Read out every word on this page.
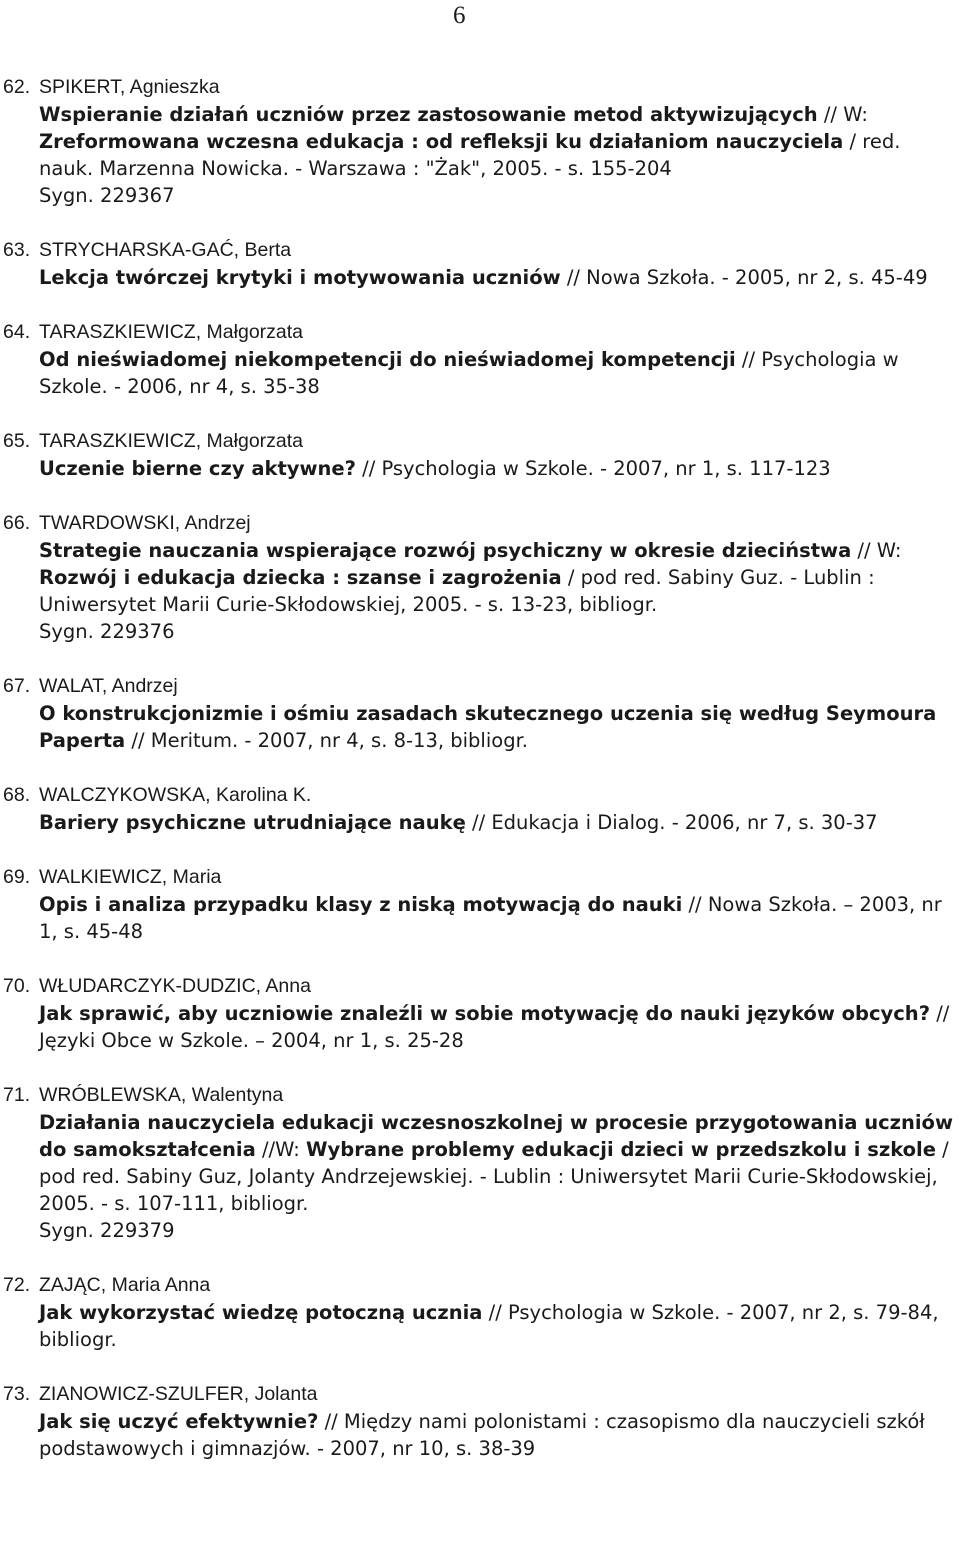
6
62. SPIKERT, Agnieszka
Wspieranie działań uczniów przez zastosowanie metod aktywizujących // W: Zreformowana wczesna edukacja : od refleksji ku działaniom nauczyciela / red. nauk. Marzenna Nowicka. - Warszawa : "Żak", 2005. - s. 155-204
Sygn. 229367
63. STRYCHARSKA-GAĆ, Berta
Lekcja twórczej krytyki i motywowania uczniów // Nowa Szkoła. - 2005, nr 2, s. 45-49
64. TARASZKIEWICZ, Małgorzata
Od nieświadomej niekompetencji do nieświadomej kompetencji // Psychologia w Szkole. - 2006, nr 4, s. 35-38
65. TARASZKIEWICZ, Małgorzata
Uczenie bierne czy aktywne? // Psychologia w Szkole. - 2007, nr 1, s. 117-123
66. TWARDOWSKI, Andrzej
Strategie nauczania wspierające rozwój psychiczny w okresie dzieciństwa // W: Rozwój i edukacja dziecka : szanse i zagrożenia / pod red. Sabiny Guz. - Lublin : Uniwersytet Marii Curie-Skłodowskiej, 2005. - s. 13-23, bibliogr.
Sygn. 229376
67. WALAT, Andrzej
O konstrukcjonizmie i ośmiu zasadach skutecznego uczenia się według Seymoura Paperta // Meritum. - 2007, nr 4, s. 8-13, bibliogr.
68. WALCZYKOWSKA, Karolina K.
Bariery psychiczne utrudniające naukę // Edukacja i Dialog. - 2006, nr 7, s. 30-37
69. WALKIEWICZ, Maria
Opis i analiza przypadku klasy z niską motywacją do nauki // Nowa Szkoła. – 2003, nr 1, s. 45-48
70. WŁUDARCZYK-DUDZIC, Anna
Jak sprawić, aby uczniowie znaleźli w sobie motywację do nauki języków obcych? // Języki Obce w Szkole. – 2004, nr 1, s. 25-28
71. WRÓBLEWSKA, Walentyna
Działania nauczyciela edukacji wczesnoszkolnej w procesie przygotowania uczniów do samokształcenia //W: Wybrane problemy edukacji dzieci w przedszkolu i szkole / pod red. Sabiny Guz, Jolanty Andrzejewskiej. - Lublin : Uniwersytet Marii Curie-Skłodowskiej, 2005. - s. 107-111, bibliogr.
Sygn. 229379
72. ZAJĄC, Maria Anna
Jak wykorzystać wiedzę potoczną ucznia // Psychologia w Szkole. - 2007, nr 2, s. 79-84, bibliogr.
73. ZIANOWICZ-SZULFER, Jolanta
Jak się uczyć efektywnie? // Między nami polonistami : czasopismo dla nauczycieli szkół podstawowych i gimnazjów. - 2007, nr 10, s. 38-39
